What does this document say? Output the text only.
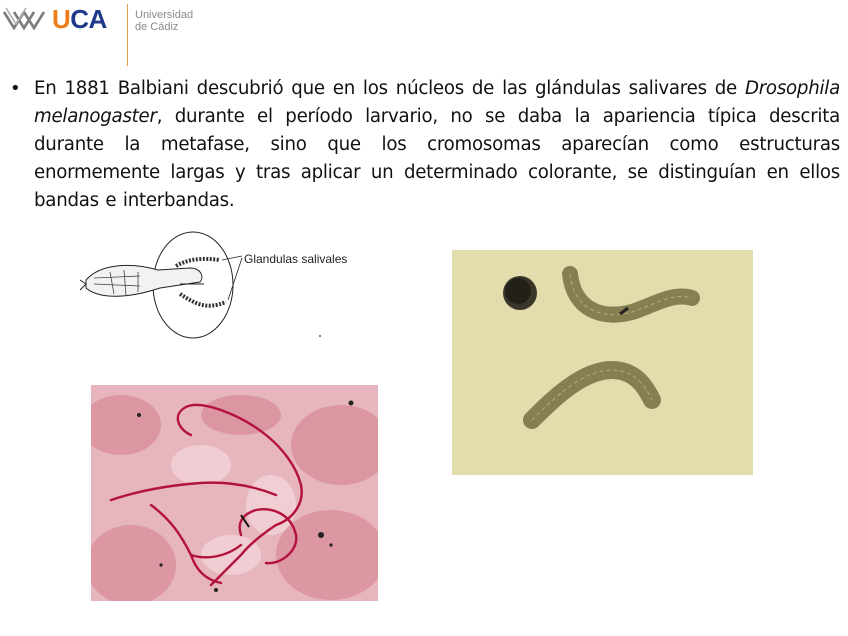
UCA	Universidad
de Cádiz
• En 1881 Balbiani descubrió que en los núcleos de las glándulas salivares de Drosophila melanogaster, durante el período larvario, no se daba la apariencia típica descrita durante la metafase, sino que los cromosomas aparecían como estructuras enormemente largas y tras aplicar un determinado colorante, se distinguían en ellos bandas e interbandas.
Glandulas salivales
